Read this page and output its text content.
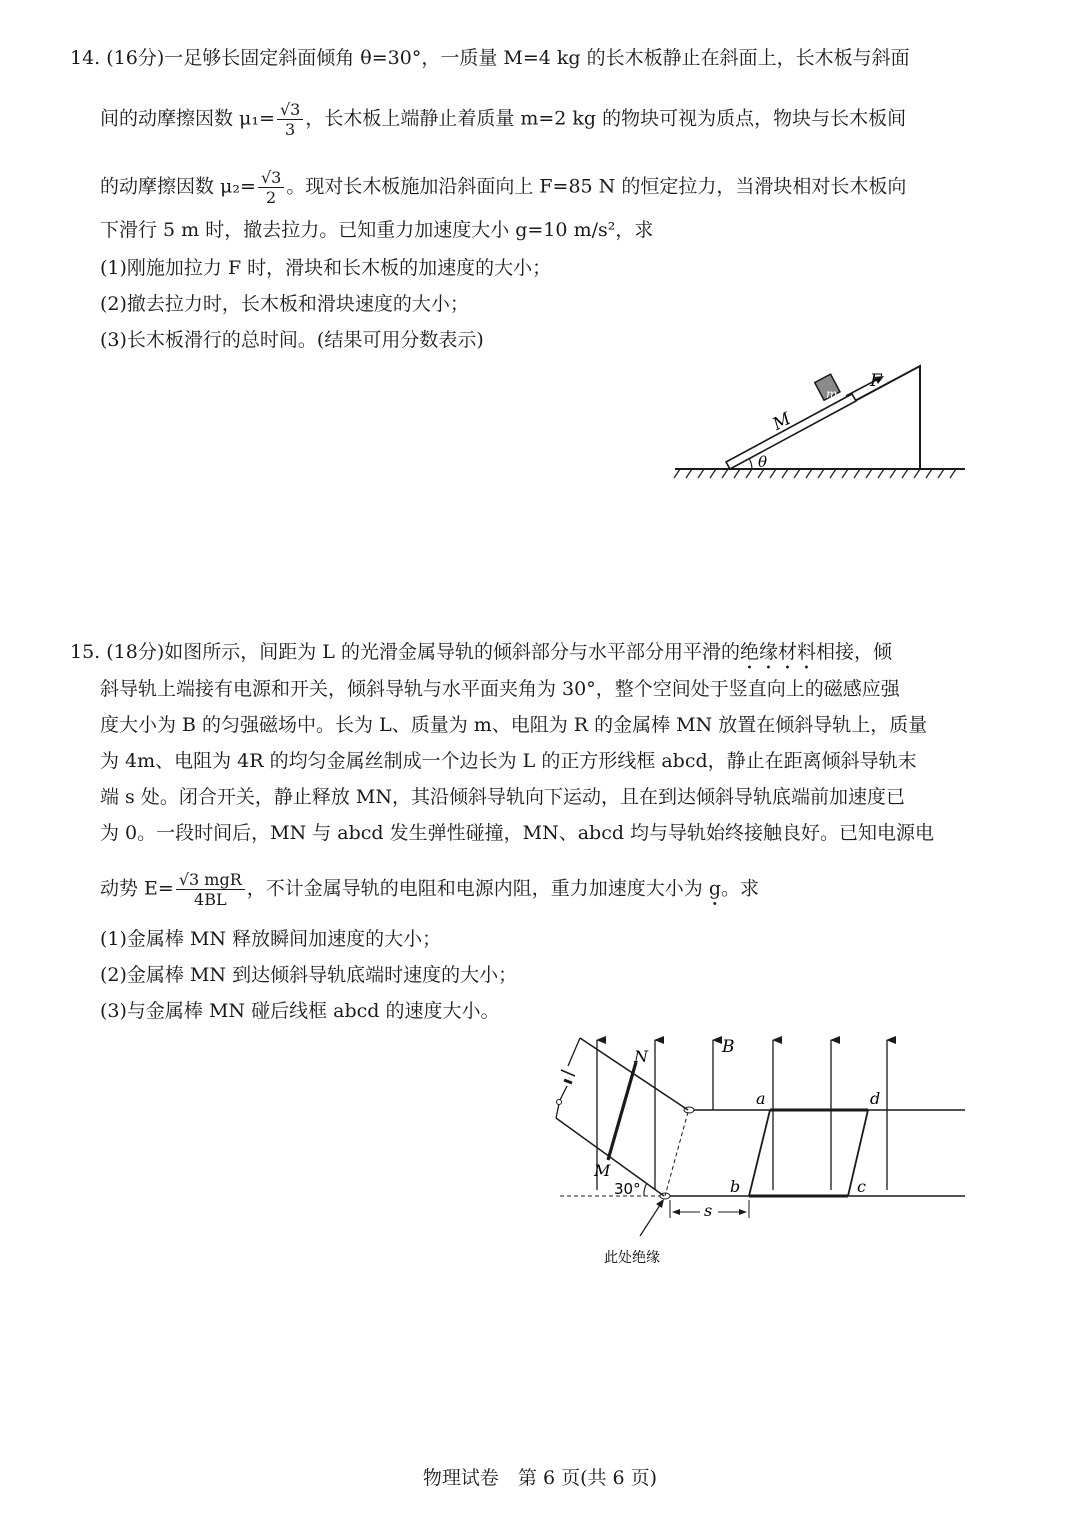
14. (16分)一足够长固定斜面倾角 θ=30°，一质量 M=4 kg 的长木板静止在斜面上，长木板与斜面
间的动摩擦因数 $\mu_1= \frac{√3}{3}$ ，长木板上端静止着质量 m=2 kg 的物块可视为质点，物块与长木板间
的动摩擦因数 $\mu_2= \frac{√3}{2}$ 。现对长木板施加沿斜面向上 F=85 N 的恒定拉力，当滑块相对长木板向
下滑行 5 m 时，撤去拉力。已知重力加速度大小 g=10 m/s²，求
(1)刚施加拉力 F 时，滑块和长木板的加速度的大小；
(2)撤去拉力时，长木板和滑块速度的大小；
(3)长木板滑行的总时间。(结果可用分数表示)
m
F
M
θ
15. (18分)如图所示，间距为 L 的光滑金属导轨的倾斜部分与水平部分用平滑的绝缘材料相接，倾
斜导轨上端接有电源和开关，倾斜导轨与水平面夹角为 30°，整个空间处于竖直向上的磁感应强
度大小为 B 的匀强磁场中。长为 L、质量为 m、电阻为 R 的金属棒 MN 放置在倾斜导轨上，质量
为 4m、电阻为 4R 的均匀金属丝制成一个边长为 L 的正方形线框 abcd，静止在距离倾斜导轨末
端 s 处。闭合开关，静止释放 MN，其沿倾斜导轨向下运动，且在到达倾斜导轨底端前加速度已
为 0。一段时间后，MN 与 abcd 发生弹性碰撞，MN、abcd 均与导轨始终接触良好。已知电源电
动势 $E= \frac{\text{√3 mgR}}{4BL}$ ，不计金属导轨的电阻和电源内阻，重力加速度大小为 g。求
(1)金属棒 MN 释放瞬间加速度的大小；
(2)金属棒 MN 到达倾斜导轨底端时速度的大小；
(3)与金属棒 MN 碰后线框 abcd 的速度大小。
B
N
M
30°
a	d
b	c
s
此处绝缘
物理试卷　第 6 页(共 6 页)
